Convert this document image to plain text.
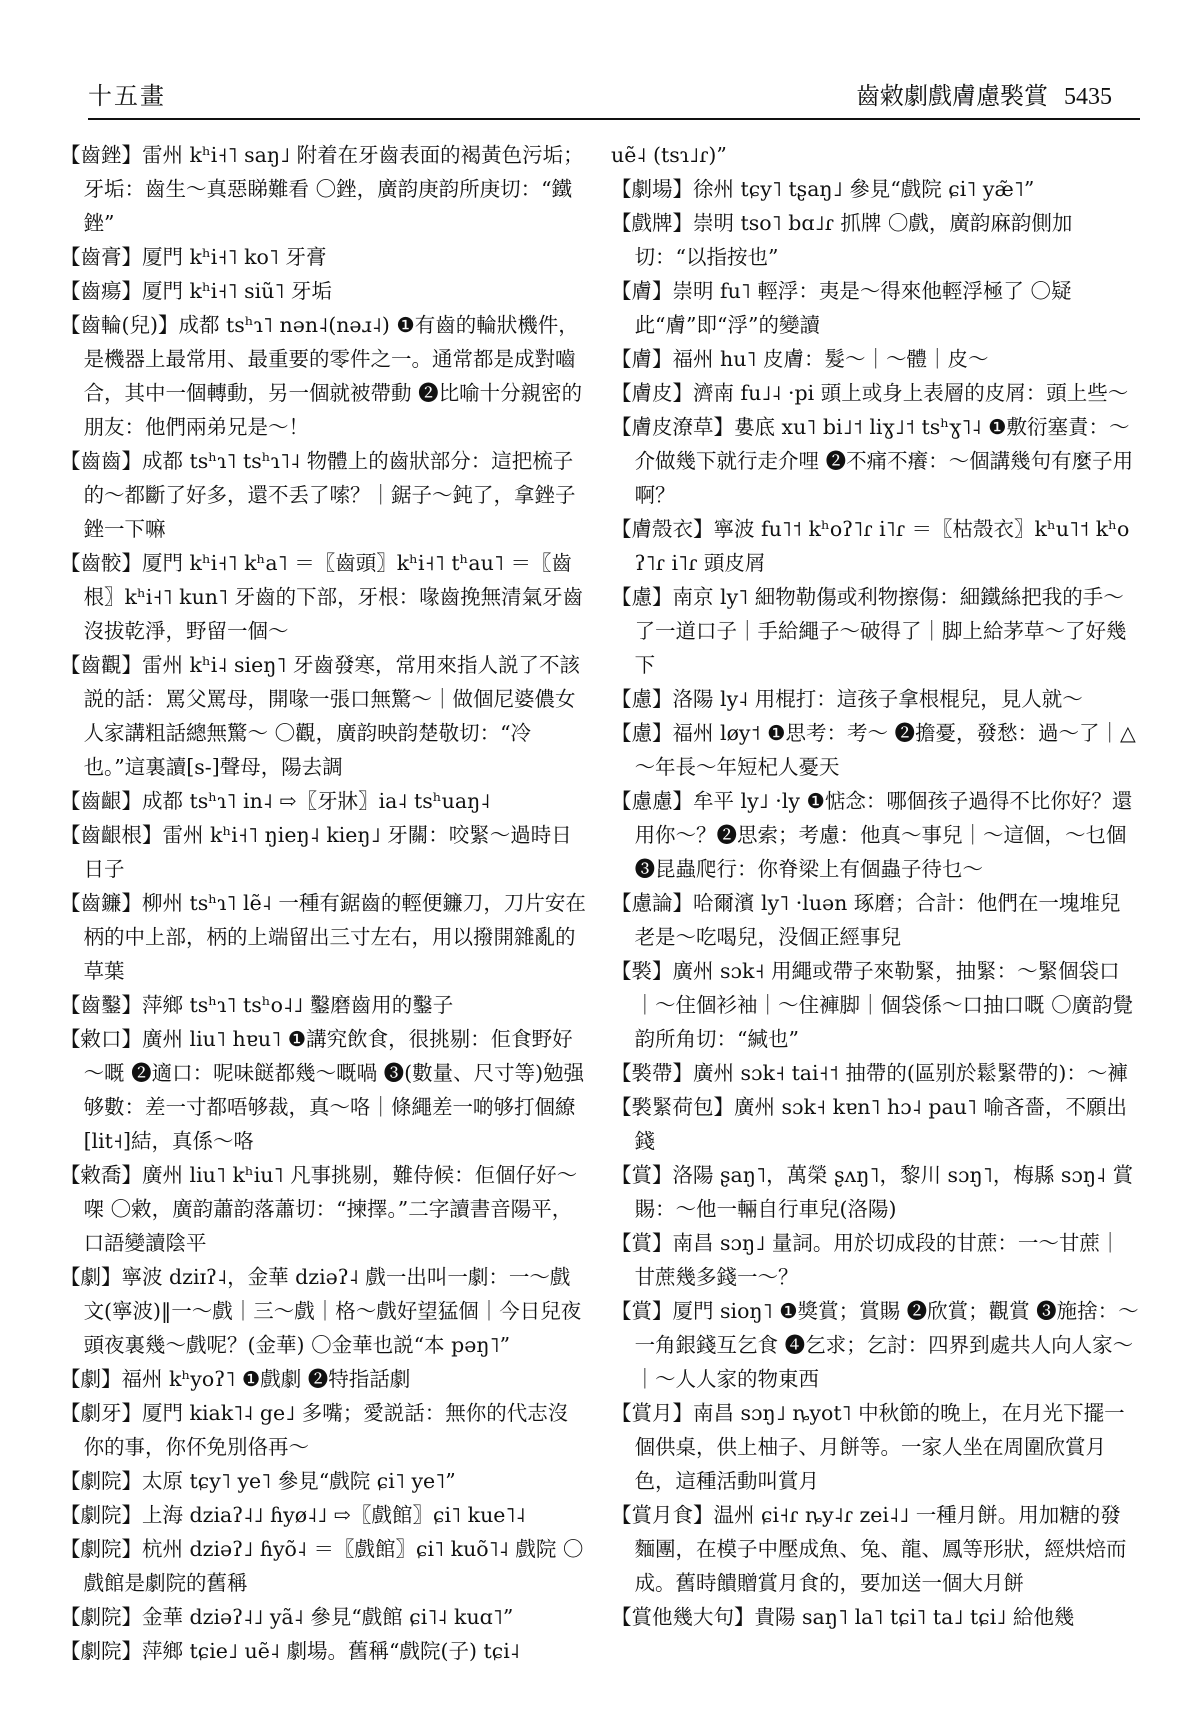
十五畫	齒敹劇戲膚慮褧賞 5435
【齒銼】雷州 kʰi˧˥ saŋ˩ 附着在牙齒表面的褐黃色污垢；牙垢：齒生～真惡睇難看 〇銼，廣韵庚韵所庚切：“鐵銼”
【齒膏】厦門 kʰi˧˥ ko˥ 牙膏
【齒瘍】厦門 kʰi˧˥ siũ˥ 牙垢
【齒輪(兒)】成都 tsʰɿ˥ nən˨(nəɹ˨) ❶有齒的輪狀機件，是機器上最常用、最重要的零件之一。通常都是成對嚙合，其中一個轉動，另一個就被帶動 ❷比喻十分親密的朋友：他們兩弟兄是～！
【齒齒】成都 tsʰɿ˥ tsʰɿ˥˨ 物體上的齒狀部分：這把梳子的～都斷了好多，還不丢了嗦？｜鋸子～鈍了，拿銼子銼一下嘛
【齒骹】厦門 kʰi˧˥ kʰa˥ ＝〖齒頭〗kʰi˧˥ tʰau˥ ＝〖齒根〗kʰi˧˥ kun˥ 牙齒的下部，牙根：喙齒挽無清氣牙齒沒拔乾淨，野留一個～
【齒觀】雷州 kʰi˨ sieŋ˥ 牙齒發寒，常用來指人説了不該説的話：罵父罵母，開喙一張口無驚～｜做個尼婆儂女人家講粗話總無驚～ 〇觀，廣韵映韵楚敬切：“冷也。”這裏讀[s-]聲母，陽去調
【齒齦】成都 tsʰɿ˥ in˨ ⇨〖牙牀〗ia˨ tsʰuaŋ˨
【齒齦根】雷州 kʰi˧˥ ŋieŋ˨ kieŋ˩ 牙關：咬緊～過時日日子
【齒鐮】柳州 tsʰɿ˥ lẽ˨ 一種有鋸齒的輕便鐮刀，刀片安在柄的中上部，柄的上端留出三寸左右，用以撥開雜亂的草葉
【齒鑿】萍鄉 tsʰɿ˥ tsʰo˨˩ 鑿磨齒用的鑿子
【敹口】廣州 liu˥ hɐu˥ ❶講究飲食，很挑剔：佢食野好～嘅 ❷適口：呢味餸都幾～嘅喎 ❸(數量、尺寸等)勉强够數：差一寸都唔够裁，真～咯｜條繩差一啲够打個繚[lit˧]結，真係～咯
【敹喬】廣州 liu˥ kʰiu˥ 凡事挑剔，難侍候：佢個仔好～㗎 〇敹，廣韵蕭韵落蕭切：“揀擇。”二字讀書音陽平，口語變讀陰平
【劇】寧波 dziɪʔ˨，金華 dziəʔ˨ 戲一出叫一劇：一～戲文(寧波)‖一～戲｜三～戲｜格～戲好望猛個｜今日兒夜頭夜裏幾～戲呢？(金華) 〇金華也説“本 pəŋ˥”
【劇】福州 kʰyoʔ˥ ❶戲劇 ❷特指話劇
【劇牙】厦門 kiak˥˨ ge˩ 多嘴；愛説話：無你的代志沒你的事，你伓免別佫再～
【劇院】太原 tɕy˥ ye˥ 參見“戲院 ɕi˥ ye˥”
【劇院】上海 dziaʔ˨˩ ɦyø˨˩ ⇨〖戲館〗ɕi˥ kue˥˨
【劇院】杭州 dziəʔ˩ ɦyõ˨ ＝〖戲館〗ɕi˥ kuõ˥˨ 戲院 〇戲館是劇院的舊稱
【劇院】金華 dziəʔ˨˩ yã˨ 參見“戲館 ɕi˥˨ kuɑ˥”
【劇院】萍鄉 tɕie˩ uẽ˨ 劇場。舊稱“戲院(子) tɕi˨
uẽ˨ (tsɿ˩ɾ)”
【劇場】徐州 tɕy˥ tʂaŋ˩ 參見“戲院 ɕi˥ yæ̃˥”
【戲牌】崇明 tso˥ bɑ˩ɾ 抓牌 〇戲，廣韵麻韵側加切：“以指按也”
【膚】崇明 fu˥ 輕浮：夷是～得來他輕浮極了 〇疑此“膚”即“浮”的變讀
【膚】福州 hu˥ 皮膚：髮～｜～體｜皮～
【膚皮】濟南 fu˩˨ ·pi 頭上或身上表層的皮屑：頭上些～
【膚皮潦草】婁底 xu˥ bi˩˦ liɣ˩˦ tsʰɣ˥˨ ❶敷衍塞責：～介做幾下就行走介哩 ❷不痛不癢：～個講幾句有麼子用啊？
【膚殼衣】寧波 fu˥˦ kʰoʔ˥ɾ i˥ɾ ＝〖枯殼衣〗kʰu˥˦ kʰoʔ˥ɾ i˥ɾ 頭皮屑
【慮】南京 ly˥ 細物勒傷或利物擦傷：細鐵絲把我的手～了一道口子｜手給繩子～破得了｜脚上給茅草～了好幾下
【慮】洛陽 ly˨ 用棍打：這孩子拿根棍兒，見人就～
【慮】福州 løy˦ ❶思考：考～ ❷擔憂，發愁：過～了｜△～年長～年短杞人憂天
【慮慮】牟平 ly˩ ·ly ❶惦念：哪個孩子過得不比你好？還用你～？❷思索；考慮：他真～事兒｜～這個，～乜個 ❸昆蟲爬行：你脊梁上有個蟲子待乜～
【慮論】哈爾濱 ly˥ ·luən 琢磨；合計：他們在一塊堆兒老是～吃喝兒，没個正經事兒
【褧】廣州 sɔk˧ 用繩或帶子來勒緊，抽緊：～緊個袋口｜～住個衫袖｜～住褲脚｜個袋係～口抽口嘅 〇廣韵覺韵所角切：“緘也”
【褧帶】廣州 sɔk˧ tai˧˦ 抽帶的(區别於鬆緊帶的)：～褲
【褧緊荷包】廣州 sɔk˧ kɐn˥ hɔ˨ pau˥ 喻吝嗇，不願出錢
【賞】洛陽 ʂaŋ˥，萬榮 ʂʌŋ˥，黎川 sɔŋ˥，梅縣 sɔŋ˨ 賞賜：～他一輛自行車兒(洛陽)
【賞】南昌 sɔŋ˩ 量詞。用於切成段的甘蔗：一～甘蔗｜甘蔗幾多錢一～？
【賞】厦門 sioŋ˥ ❶獎賞；賞賜 ❷欣賞；觀賞 ❸施捨：～一角銀錢互乞食 ❹乞求；乞討：四界到處共人向人家～｜～人人家的物東西
【賞月】南昌 sɔŋ˩ ȵyot˥ 中秋節的晚上，在月光下擺一個供桌，供上柚子、月餅等。一家人坐在周圍欣賞月色，這種活動叫賞月
【賞月食】温州 ɕi˧ɾ ȵy˨ɾ zei˨˩ 一種月餅。用加糖的發麵團，在模子中壓成魚、兔、龍、鳳等形狀，經烘焙而成。舊時饋贈賞月食的，要加送一個大月餅
【賞他幾大句】貴陽 saŋ˥ la˥ tɕi˥ ta˩ tɕi˩ 給他幾
